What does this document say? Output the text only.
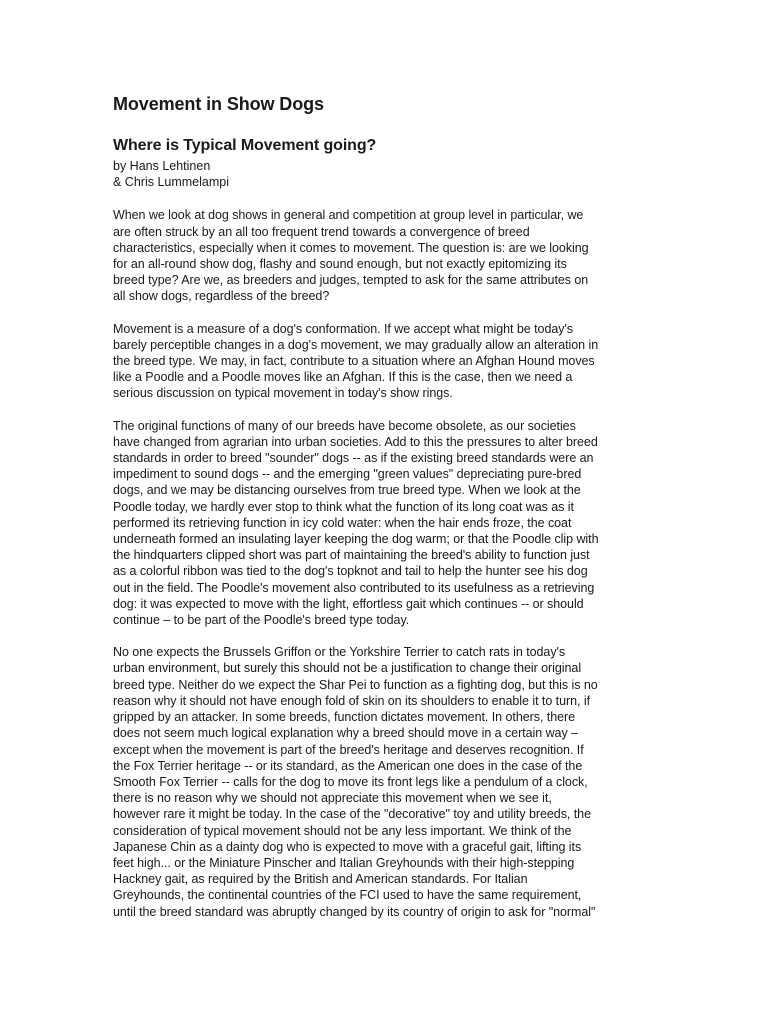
Movement in Show Dogs
Where is Typical Movement going?
by Hans Lehtinen
& Chris Lummelampi

When we look at dog shows in general and competition at group level in particular, we
are often struck by an all too frequent trend towards a convergence of breed
characteristics, especially when it comes to movement. The question is: are we looking
for an all-round show dog, flashy and sound enough, but not exactly epitomizing its
breed type? Are we, as breeders and judges, tempted to ask for the same attributes on
all show dogs, regardless of the breed?

Movement is a measure of a dog's conformation. If we accept what might be today's
barely perceptible changes in a dog's movement, we may gradually allow an alteration in
the breed type. We may, in fact, contribute to a situation where an Afghan Hound moves
like a Poodle and a Poodle moves like an Afghan. If this is the case, then we need a
serious discussion on typical movement in today's show rings.

The original functions of many of our breeds have become obsolete, as our societies
have changed from agrarian into urban societies. Add to this the pressures to alter breed
standards in order to breed "sounder" dogs -- as if the existing breed standards were an
impediment to sound dogs -- and the emerging "green values" depreciating pure-bred
dogs, and we may be distancing ourselves from true breed type. When we look at the
Poodle today, we hardly ever stop to think what the function of its long coat was as it
performed its retrieving function in icy cold water: when the hair ends froze, the coat
underneath formed an insulating layer keeping the dog warm; or that the Poodle clip with
the hindquarters clipped short was part of maintaining the breed's ability to function just
as a colorful ribbon was tied to the dog's topknot and tail to help the hunter see his dog
out in the field. The Poodle's movement also contributed to its usefulness as a retrieving
dog: it was expected to move with the light, effortless gait which continues -- or should
continue – to be part of the Poodle's breed type today.

No one expects the Brussels Griffon or the Yorkshire Terrier to catch rats in today's
urban environment, but surely this should not be a justification to change their original
breed type. Neither do we expect the Shar Pei to function as a fighting dog, but this is no
reason why it should not have enough fold of skin on its shoulders to enable it to turn, if
gripped by an attacker. In some breeds, function dictates movement. In others, there
does not seem much logical explanation why a breed should move in a certain way –
except when the movement is part of the breed's heritage and deserves recognition. If
the Fox Terrier heritage -- or its standard, as the American one does in the case of the
Smooth Fox Terrier -- calls for the dog to move its front legs like a pendulum of a clock,
there is no reason why we should not appreciate this movement when we see it,
however rare it might be today. In the case of the "decorative" toy and utility breeds, the
consideration of typical movement should not be any less important. We think of the
Japanese Chin as a dainty dog who is expected to move with a graceful gait, lifting its
feet high... or the Miniature Pinscher and Italian Greyhounds with their high-stepping
Hackney gait, as required by the British and American standards. For Italian
Greyhounds, the continental countries of the FCI used to have the same requirement,
until the breed standard was abruptly changed by its country of origin to ask for "normal"
